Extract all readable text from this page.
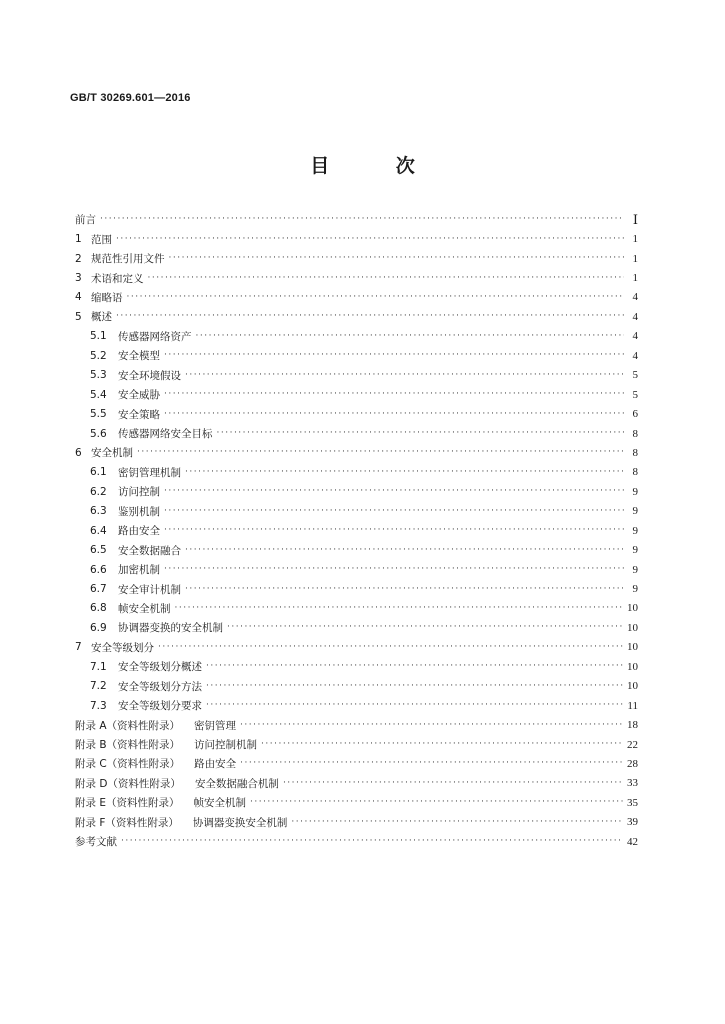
GB/T 30269.601—2016
目 次
前言 ·····	Ⅰ
1 范围 ·····	1
2 规范性引用文件 ·····	1
3 术语和定义 ·····	1
4 缩略语 ·····	4
5 概述 ·····	4
5.1	传感器网络资产 ·····	4
5.2	安全模型 ·····	4
5.3	安全环境假设 ·····	5
5.4	安全威胁 ·····	5
5.5	安全策略 ·····	6
5.6	传感器网络安全目标 ·····	8
6 安全机制 ·····	8
6.1	密钥管理机制 ·····	8
6.2	访问控制 ·····	9
6.3	鉴别机制 ·····	9
6.4	路由安全 ·····	9
6.5	安全数据融合 ·····	9
6.6	加密机制 ·····	9
6.7	安全审计机制 ·····	9
6.8	帧安全机制 ·····	10
6.9	协调器变换的安全机制 ·····	10
7 安全等级划分 ·····	10
7.1	安全等级划分概述 ·····	10
7.2	安全等级划分方法 ·····	10
7.3	安全等级划分要求 ·····	11
附录 A（资料性附录） 密钥管理 ·····	18
附录 B（资料性附录） 访问控制机制 ·····	22
附录 C（资料性附录） 路由安全 ·····	28
附录 D（资料性附录） 安全数据融合机制 ·····	33
附录 E（资料性附录） 帧安全机制 ·····	35
附录 F（资料性附录） 协调器变换安全机制 ·····	39
参考文献 ·····	42
